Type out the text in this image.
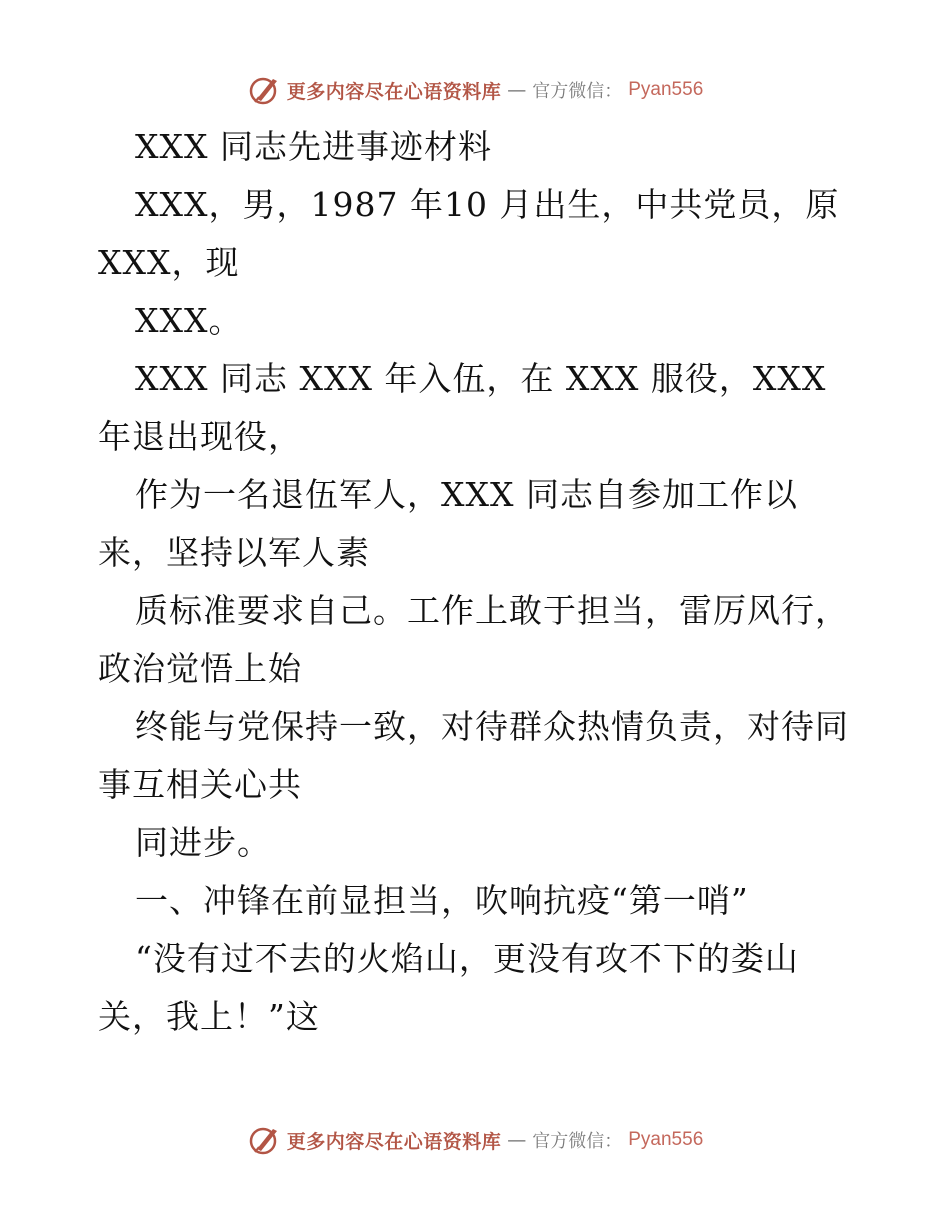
更多内容尽在心语资料库 — 官方微信： Pyan556

XXX 同志先进事迹材料

XXX，男，1987 年10 月出生，中共党员，原XXX，现

XXX。

XXX 同志 XXX 年入伍，在 XXX 服役，XXX 年退出现役，

作为一名退伍军人，XXX 同志自参加工作以来，坚持以军人素

质标准要求自己。工作上敢于担当，雷厉风行，政治觉悟上始

终能与党保持一致，对待群众热情负责，对待同事互相关心共

同进步。

一、冲锋在前显担当，吹响抗疫“第一哨”

“没有过不去的火焰山，更没有攻不下的娄山关，我上！”这

更多内容尽在心语资料库 — 官方微信： Pyan556
